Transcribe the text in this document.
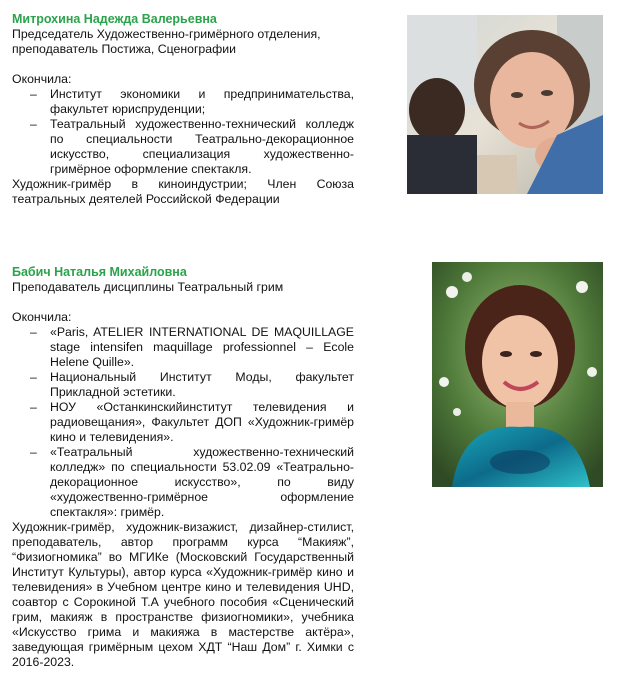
Митрохина Надежда Валерьевна
Председатель Художественно-гримёрного отделения,
преподаватель Постижа, Сценографии
Окончила:
– Институт экономики и предпринимательства, факультет юриспруденции;
– Театральный художественно-технический колледж по специальности Театрально-декорационное искусство, специализация художественно-гримёрное оформление спектакля.
Художник-гримёр в киноиндустрии; Член Союза театральных деятелей Российской Федерации
Бабич Наталья Михайловна
Преподаватель дисциплины Театральный грим
Окончила:
– «Paris, ATELIER INTERNATIONAL DE MAQUILLAGE stage intensifen maquillage professionnel – Ecole Helene Quille».
– Национальный Институт Моды, факультет Прикладной эстетики.
– НОУ «Останкинскийинститут телевидения и радиовещания», Факультет ДОП «Художник-гримёр кино и телевидения».
– «Театральный художественно-технический колледж» по специальности 53.02.09 «Театрально-декорационное искусство», по виду «художественно-гримёрное оформление спектакля»: гримёр.
Художник-гримёр, художник-визажист, дизайнер-стилист, преподаватель, автор программ курса “Макияж”, “Физиогномика” во МГИКе (Московский Государственный Институт Культуры), автор курса «Художник-гримёр кино и телевидения» в Учебном центре кино и телевидения UHD, соавтор с Сорокиной Т.А учебного пособия «Сценический грим, макияж в пространстве физиогномики», учебника «Искусство грима и макияжа в мастерстве актёра», заведующая гримёрным цехом ХДТ “Наш Дом” г. Химки с 2016-2023.
